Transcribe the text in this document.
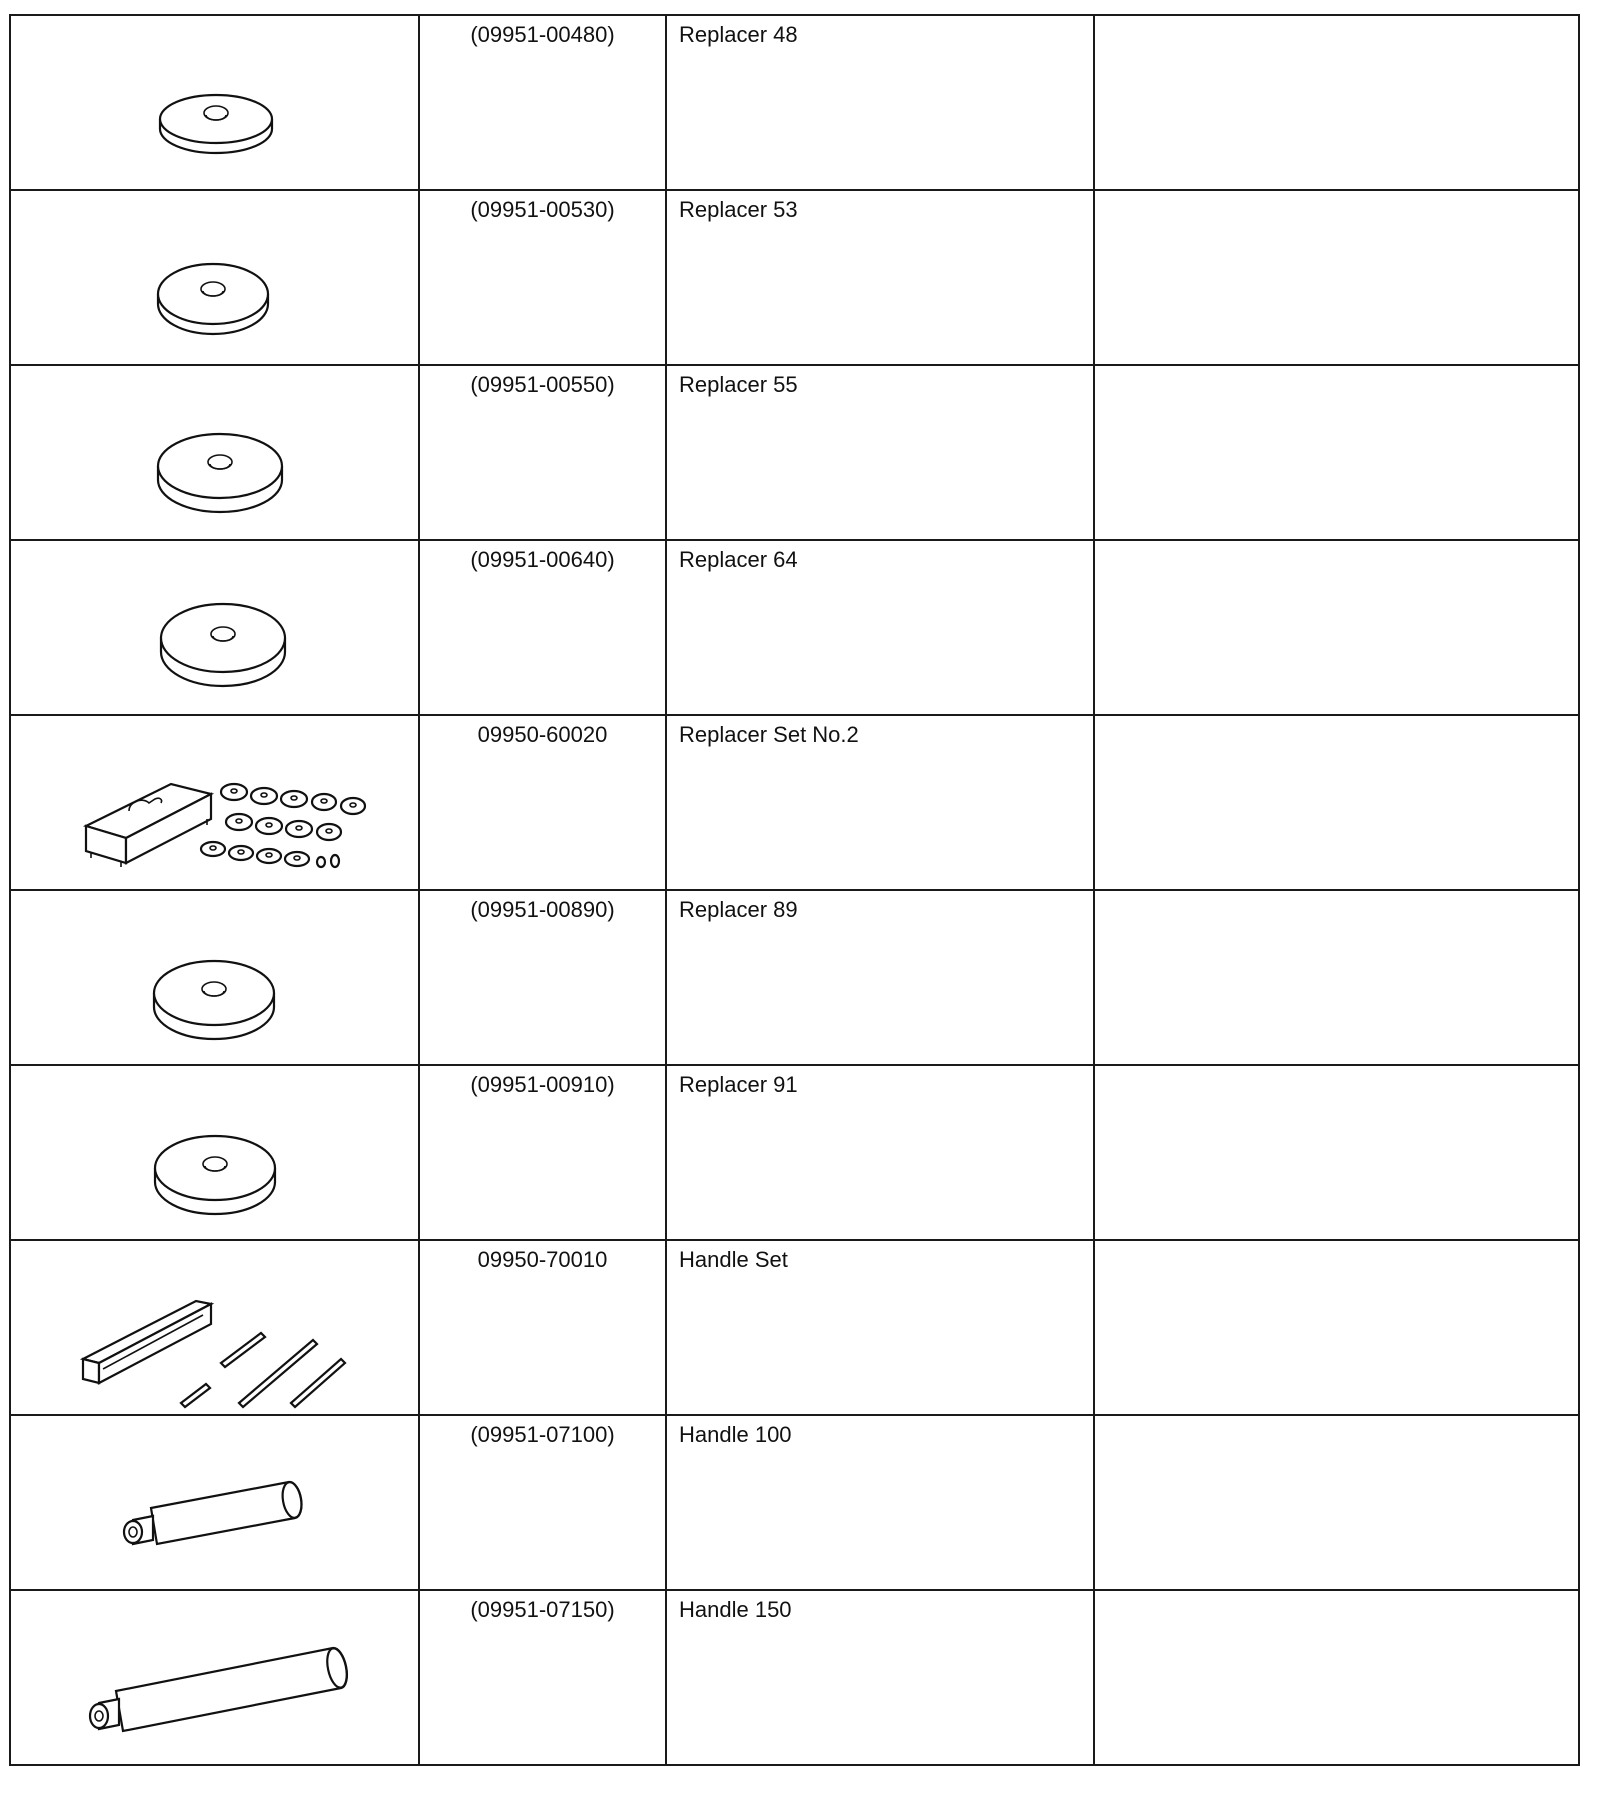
(09951-00480)	Replacer 48	

(09951-00530)	Replacer 53	

(09951-00550)	Replacer 55	

(09951-00640)	Replacer 64	

09950-60020	Replacer Set No.2	

(09951-00890)	Replacer 89	

(09951-00910)	Replacer 91	

09950-70010	Handle Set	

(09951-07100)	Handle 100	

(09951-07150)	Handle 150	
